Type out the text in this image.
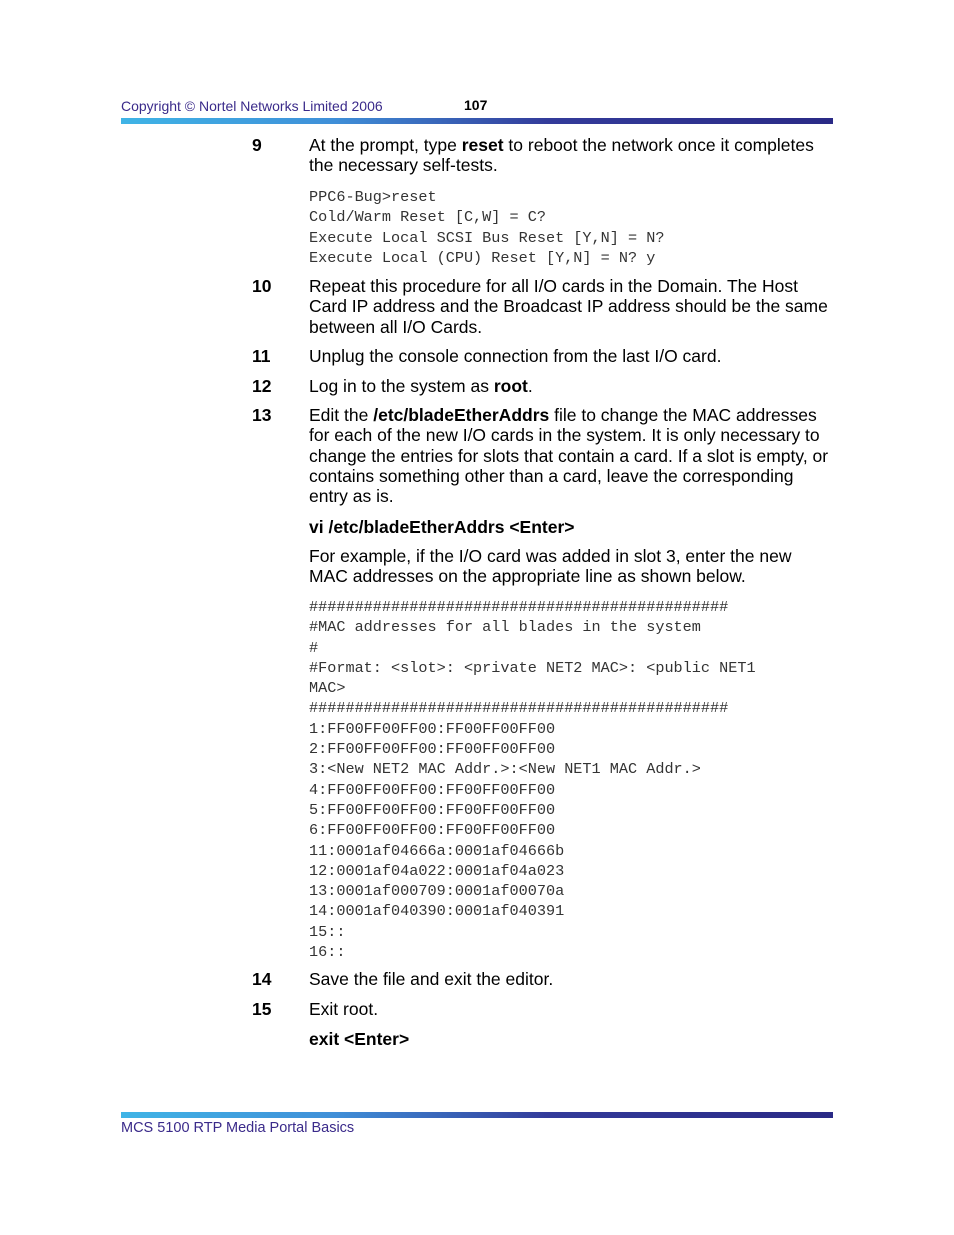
Copyright © Nortel Networks Limited 2006	107
9	At the prompt, type reset to reboot the network once it completes the necessary self-tests.

PPC6-Bug>reset
Cold/Warm Reset [C,W] = C?
Execute Local SCSI Bus Reset [Y,N] = N?
Execute Local (CPU) Reset [Y,N] = N? y
10 Repeat this procedure for all I/O cards in the Domain. The Host Card IP address and the Broadcast IP address should be the same between all I/O Cards.

11 Unplug the console connection from the last I/O card.

12 Log in to the system as root.

13 Edit the /etc/bladeEtherAddrs file to change the MAC addresses for each of the new I/O cards in the system. It is only necessary to change the entries for slots that contain a card. If a slot is empty, or contains something other than a card, leave the corresponding entry as is.

vi /etc/bladeEtherAddrs <Enter>

For example, if the I/O card was added in slot 3, enter the new MAC addresses on the appropriate line as shown below.

##############################################
#MAC addresses for all blades in the system
#
#Format: <slot>: <private NET2 MAC>: <public NET1
MAC>
##############################################
1:FF00FF00FF00:FF00FF00FF00
2:FF00FF00FF00:FF00FF00FF00
3:<New NET2 MAC Addr.>:<New NET1 MAC Addr.>
4:FF00FF00FF00:FF00FF00FF00
5:FF00FF00FF00:FF00FF00FF00
6:FF00FF00FF00:FF00FF00FF00
11:0001af04666a:0001af04666b
12:0001af04a022:0001af04a023
13:0001af000709:0001af00070a
14:0001af040390:0001af040391
15::
16::
14 Save the file and exit the editor.

15 Exit root.

exit <Enter>

MCS 5100 RTP Media Portal Basics
